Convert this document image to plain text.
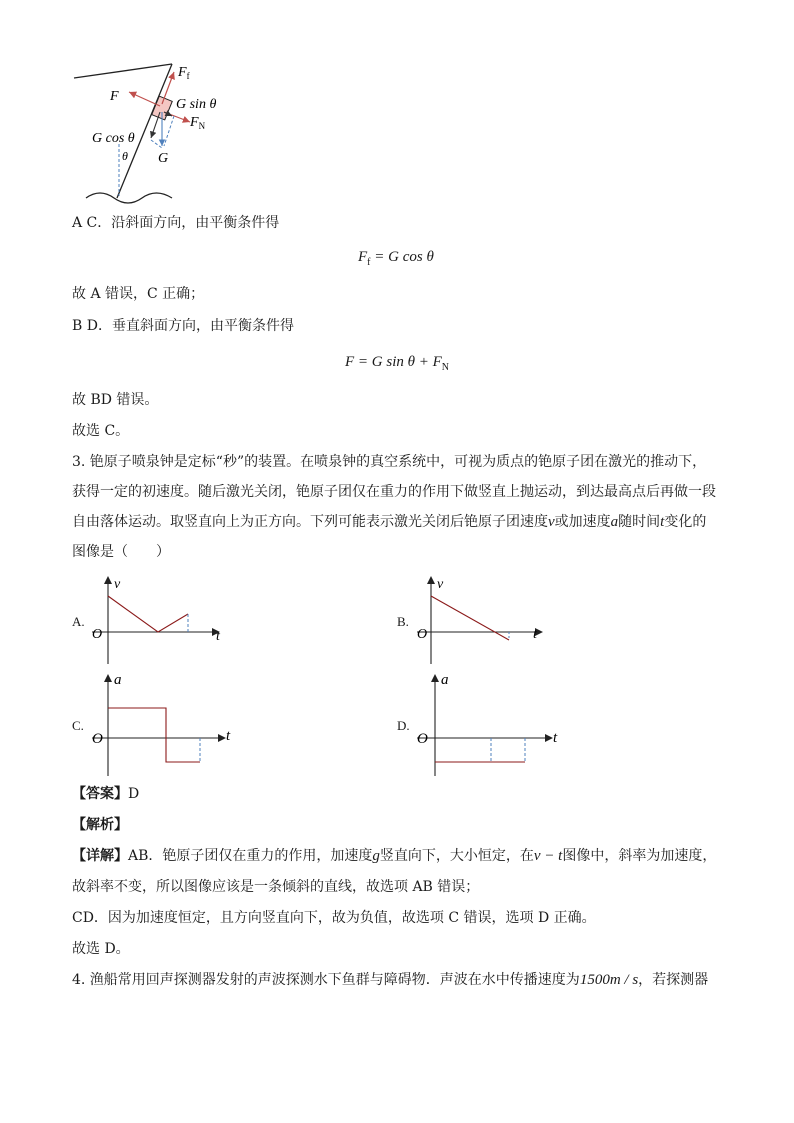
$F_f$
F
G sin θ
$F_N$
G cos θ
θ G
A C．沿斜面方向，由平衡条件得
$F_f = G$ cos θ
故 A 错误，C 正确；
B D．垂直斜面方向，由平衡条件得
F = G $\sin \theta + F_N$
故 BD 错误。
故选 C。
3. 铯原子喷泉钟是定标“秒”的装置。在喷泉钟的真空系统中，可视为质点的铯原子团在激光的推动下，
获得一定的初速度。随后激光关闭，铯原子团仅在重力的作用下做竖直上抛运动，到达最高点后再做一段
自由落体运动。取竖直向上为正方向。下列可能表示激光关闭后铯原子团速度v或加速度a随时间t变化的
图像是（　　）
A.
v
t
O
B.
v
t
O
C.
a
t
O
D.
a
t
O
【答案】D
【解析】
【详解】AB．铯原子团仅在重力的作用，加速度g竖直向下，大小恒定，在v − t图像中，斜率为加速度，
故斜率不变，所以图像应该是一条倾斜的直线，故选项 AB 错误；
CD．因为加速度恒定，且方向竖直向下，故为负值，故选项 C 错误，选项 D 正确。
故选 D。
4. 渔船常用回声探测器发射的声波探测水下鱼群与障碍物．声波在水中传播速度为1500m / s，若探测器
